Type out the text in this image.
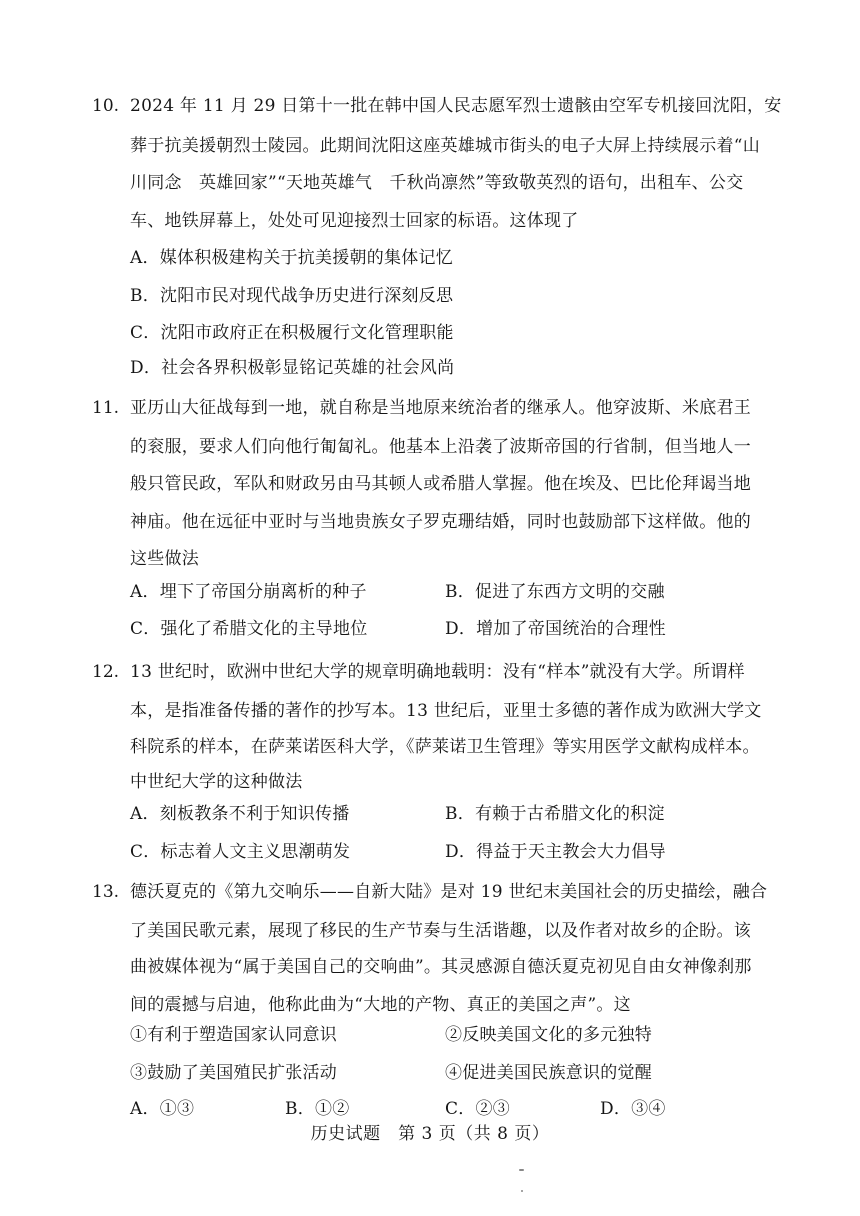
10. 2024 年 11 月 29 日第十一批在韩中国人民志愿军烈士遗骸由空军专机接回沈阳，安
葬于抗美援朝烈士陵园。此期间沈阳这座英雄城市街头的电子大屏上持续展示着“山
川同念　英雄回家”“天地英雄气　千秋尚凛然”等致敬英烈的语句，出租车、公交
车、地铁屏幕上，处处可见迎接烈士回家的标语。这体现了
A．媒体积极建构关于抗美援朝的集体记忆
B．沈阳市民对现代战争历史进行深刻反思
C．沈阳市政府正在积极履行文化管理职能
D．社会各界积极彰显铭记英雄的社会风尚
11. 亚历山大征战每到一地，就自称是当地原来统治者的继承人。他穿波斯、米底君王
的衮服，要求人们向他行匍匐礼。他基本上沿袭了波斯帝国的行省制，但当地人一
般只管民政，军队和财政另由马其顿人或希腊人掌握。他在埃及、巴比伦拜谒当地
神庙。他在远征中亚时与当地贵族女子罗克珊结婚，同时也鼓励部下这样做。他的
这些做法
A．埋下了帝国分崩离析的种子	B．促进了东西方文明的交融
C．强化了希腊文化的主导地位	D．增加了帝国统治的合理性
12. 13 世纪时，欧洲中世纪大学的规章明确地载明：没有“样本”就没有大学。所谓样
本，是指准备传播的著作的抄写本。13 世纪后，亚里士多德的著作成为欧洲大学文
科院系的样本，在萨莱诺医科大学，《萨莱诺卫生管理》等实用医学文献构成样本。
中世纪大学的这种做法
A．刻板教条不利于知识传播	B．有赖于古希腊文化的积淀
C．标志着人文主义思潮萌发	D．得益于天主教会大力倡导
13. 德沃夏克的《第九交响乐——自新大陆》是对 19 世纪末美国社会的历史描绘，融合
了美国民歌元素，展现了移民的生产节奏与生活谐趣，以及作者对故乡的企盼。该
曲被媒体视为“属于美国自己的交响曲”。其灵感源自德沃夏克初见自由女神像刹那
间的震撼与启迪，他称此曲为“大地的产物、真正的美国之声”。这
①有利于塑造国家认同意识	②反映美国文化的多元独特
③鼓励了美国殖民扩张活动	④促进美国民族意识的觉醒
A．①③	B．①②	C．②③	D．③④
历史试题　第 3 页（共 8 页）
